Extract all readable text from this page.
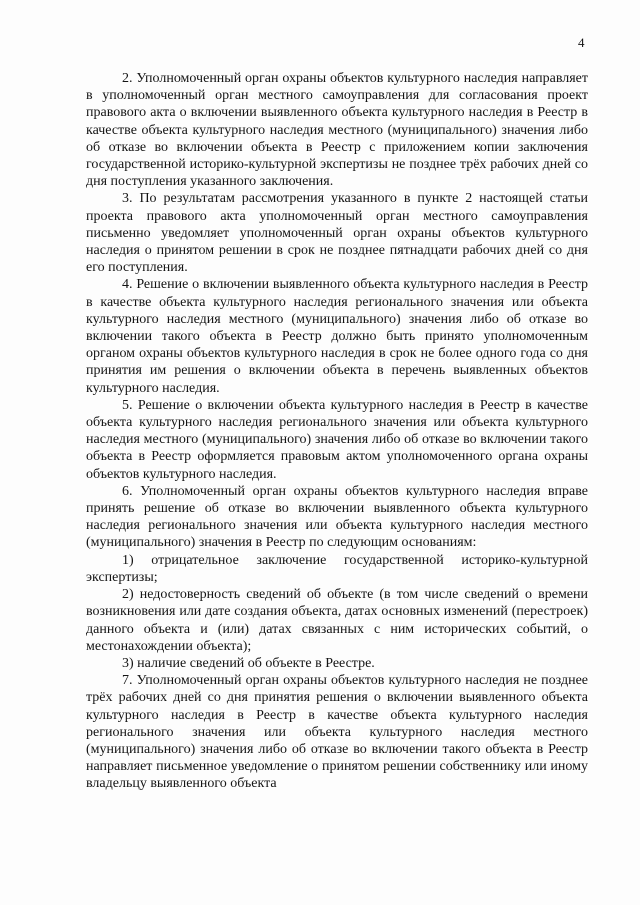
4

2. Уполномоченный орган охраны объектов культурного наследия направляет в уполномоченный орган местного самоуправления для согласования проект правового акта о включении выявленного объекта культурного наследия в Реестр в качестве объекта культурного наследия местного (муниципального) значения либо об отказе во включении объекта в Реестр с приложением копии заключения государственной историко-культурной экспертизы не позднее трёх рабочих дней со дня поступления указанного заключения.

3. По результатам рассмотрения указанного в пункте 2 настоящей статьи проекта правового акта уполномоченный орган местного самоуправления письменно уведомляет уполномоченный орган охраны объектов культурного наследия о принятом решении в срок не позднее пятнадцати рабочих дней со дня его поступления.

4. Решение о включении выявленного объекта культурного наследия в Реестр в качестве объекта культурного наследия регионального значения или объекта культурного наследия местного (муниципального) значения либо об отказе во включении такого объекта в Реестр должно быть принято уполномоченным органом охраны объектов культурного наследия в срок не более одного года со дня принятия им решения о включении объекта в перечень выявленных объектов культурного наследия.

5. Решение о включении объекта культурного наследия в Реестр в качестве объекта культурного наследия регионального значения или объекта культурного наследия местного (муниципального) значения либо об отказе во включении такого объекта в Реестр оформляется правовым актом уполномоченного органа охраны объектов культурного наследия.

6. Уполномоченный орган охраны объектов культурного наследия вправе принять решение об отказе во включении выявленного объекта культурного наследия регионального значения или объекта культурного наследия местного (муниципального) значения в Реестр по следующим основаниям:

1) отрицательное заключение государственной историко-культурной экспертизы;

2) недостоверность сведений об объекте (в том числе сведений о времени возникновения или дате создания объекта, датах основных изменений (перестроек) данного объекта и (или) датах связанных с ним исторических событий, о местонахождении объекта);

3) наличие сведений об объекте в Реестре.

7. Уполномоченный орган охраны объектов культурного наследия не позднее трёх рабочих дней со дня принятия решения о включении выявленного объекта культурного наследия в Реестр в качестве объекта культурного наследия регионального значения или объекта культурного наследия местного (муниципального) значения либо об отказе во включении такого объекта в Реестр направляет письменное уведомление о принятом решении собственнику или иному владельцу выявленного объекта
